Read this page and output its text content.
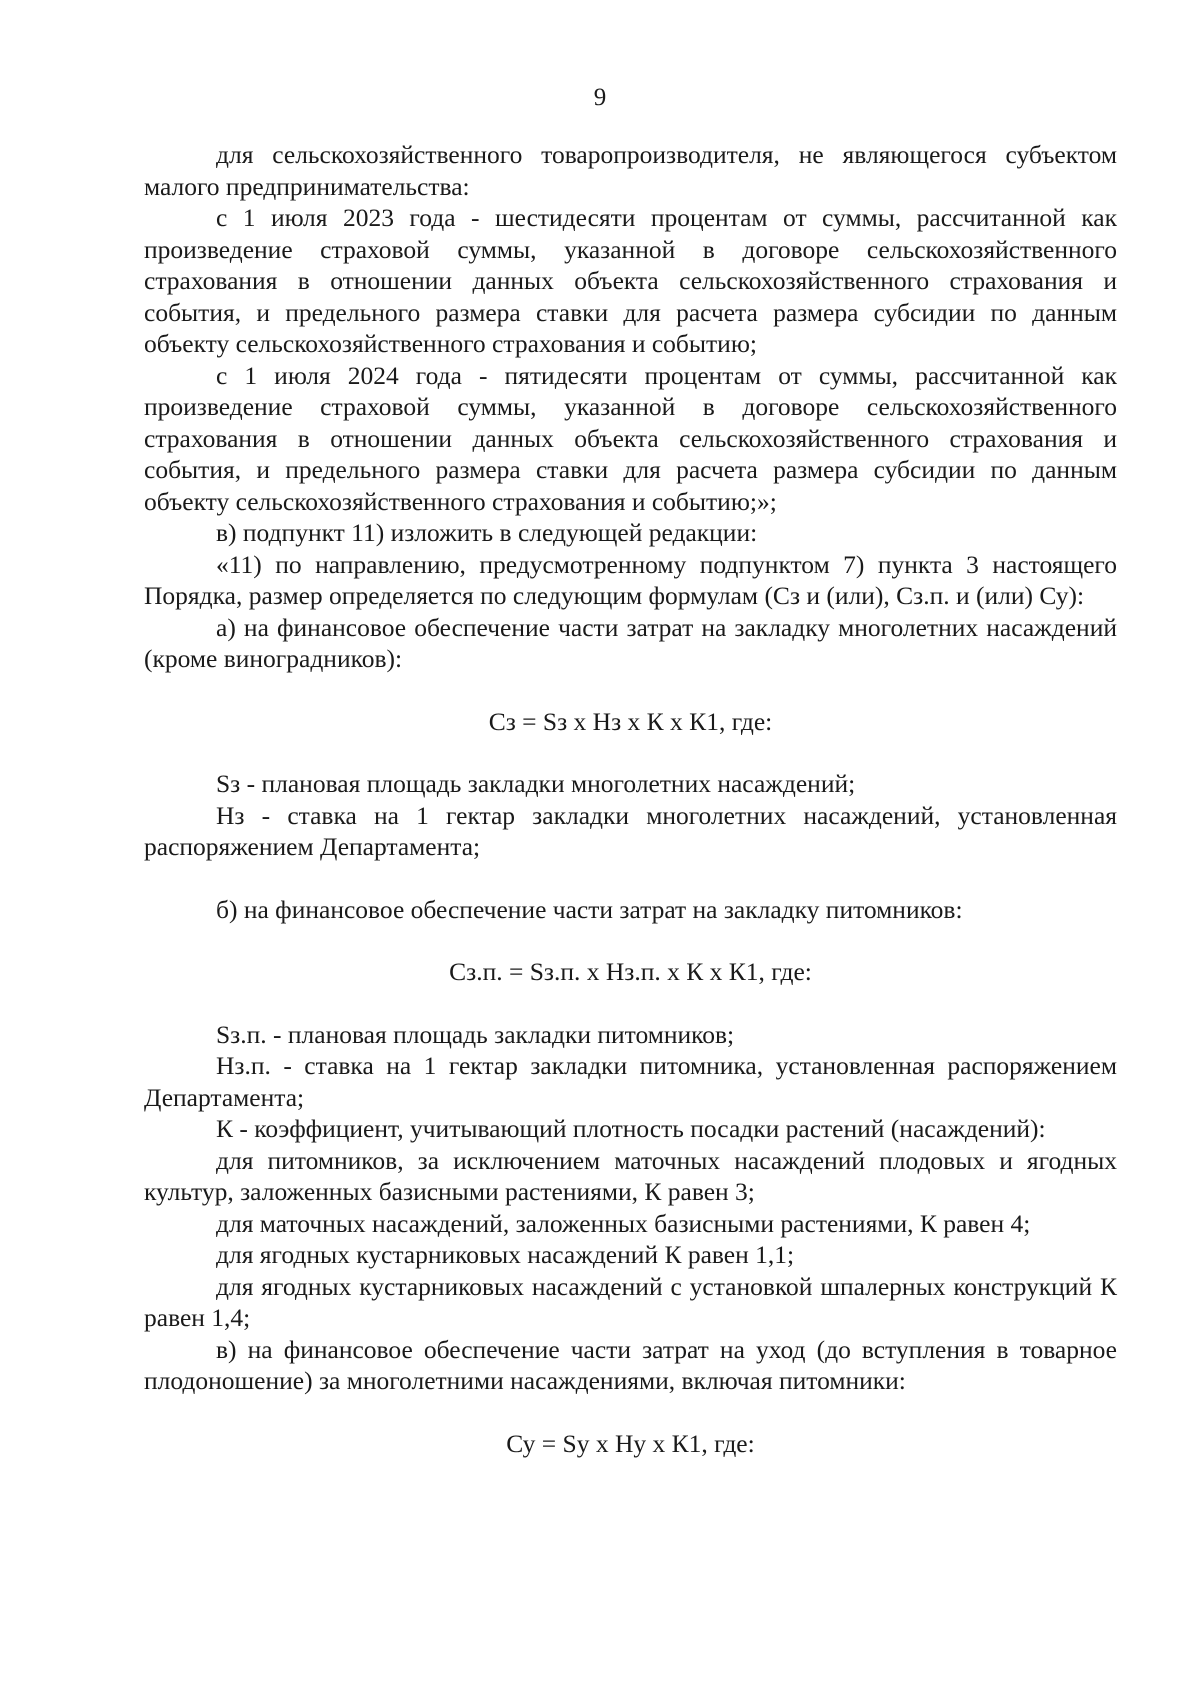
9

для сельскохозяйственного товаропроизводителя, не являющегося субъектом малого предпринимательства:

с 1 июля 2023 года - шестидесяти процентам от суммы, рассчитанной как произведение страховой суммы, указанной в договоре сельскохозяйственного страхования в отношении данных объекта сельскохозяйственного страхования и события, и предельного размера ставки для расчета размера субсидии по данным объекту сельскохозяйственного страхования и событию;

с 1 июля 2024 года - пятидесяти процентам от суммы, рассчитанной как произведение страховой суммы, указанной в договоре сельскохозяйственного страхования в отношении данных объекта сельскохозяйственного страхования и события, и предельного размера ставки для расчета размера субсидии по данным объекту сельскохозяйственного страхования и событию;»;

в) подпункт 11) изложить в следующей редакции:

«11) по направлению, предусмотренному подпунктом 7) пункта 3 настоящего Порядка, размер определяется по следующим формулам (Сз и (или), Сз.п. и (или) Су):

а) на финансовое обеспечение части затрат на закладку многолетних насаждений (кроме виноградников):

Сз = Sз x Нз x К x К1, где:

Sз - плановая площадь закладки многолетних насаждений;

Нз - ставка на 1 гектар закладки многолетних насаждений, установленная распоряжением Департамента;

б) на финансовое обеспечение части затрат на закладку питомников:

Сз.п. = Sз.п. x Нз.п. x К x К1, где:

Sз.п. - плановая площадь закладки питомников;

Нз.п. - ставка на 1 гектар закладки питомника, установленная распоряжением Департамента;

К - коэффициент, учитывающий плотность посадки растений (насаждений):

для питомников, за исключением маточных насаждений плодовых и ягодных культур, заложенных базисными растениями, К равен 3;

для маточных насаждений, заложенных базисными растениями, К равен 4;

для ягодных кустарниковых насаждений К равен 1,1;

для ягодных кустарниковых насаждений с установкой шпалерных конструкций К равен 1,4;

в) на финансовое обеспечение части затрат на уход (до вступления в товарное плодоношение) за многолетними насаждениями, включая питомники:

Су = Sу x Ну x К1, где:
